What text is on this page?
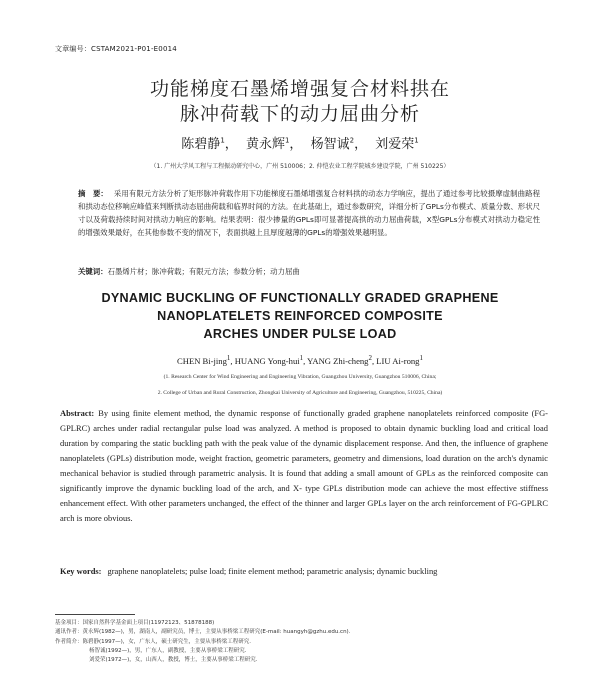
文章编号：CSTAM2021-P01-E0014
功能梯度石墨烯增强复合材料拱在
脉冲荷载下的动力屈曲分析
陈碧静$^1$， 黄永辉$^1$， 杨智诚$^2$， 刘爱荣$^1$
（1. 广州大学风工程与工程振动研究中心，广州 510006；2. 仲恺农业工程学院城乡建设学院，广州 510225）
摘　要： 采用有限元方法分析了矩形脉冲荷载作用下功能梯度石墨烯增强复合材料拱的动态力学响应，提出了通过参考比较摄摩虚制曲路程和拱动态位移响应峰值来判断拱动态屈曲荷载和临界时间的方法。在此基础上，通过参数研究，详细分析了GPLs分布模式、质量分数、形状尺寸以及荷载持续时间对拱动力响应的影响。结果表明：很少掺量的GPLs即可显著提高拱的动力屈曲荷载，X型GPLs分布模式对拱动力稳定性的增强效果最好，在其他参数不变的情况下，表面拱越上且厚度越薄的GPLs的增强效果越明显。
关键词：石墨烯片材；脉冲荷载；有限元方法；参数分析；动力屈曲
DYNAMIC BUCKLING OF FUNCTIONALLY GRADED GRAPHENE
NANOPLATELETS REINFORCED COMPOSITE
ARCHES UNDER PULSE LOAD
CHEN Bi-jing$^1$, HUANG Yong-hui$^1$, YANG Zhi-cheng$^2$, LIU Ai-rong$^1$
(1. Research Center for Wind Engineering and Engineering Vibration, Guangzhou University, Guangzhou 510006, China;
2. College of Urban and Rural Construction, Zhongkai University of Agriculture and Engineering, Guangzhou, 510225, China)
Abstract: By using finite element method, the dynamic response of functionally graded graphene nanoplatelets reinforced composite (FG-GPLRC) arches under radial rectangular pulse load was analyzed. A method is proposed to obtain dynamic buckling load and critical load duration by comparing the static buckling path with the peak value of the dynamic displacement response. And then, the influence of graphene nanoplatelets (GPLs) distribution mode, weight fraction, geometric parameters, geometry and dimensions, load duration on the arch's dynamic mechanical behavior is studied through parametric analysis. It is found that adding a small amount of GPLs as the reinforced composite can significantly improve the dynamic buckling load of the arch, and X- type GPLs distribution mode can achieve the most effective stiffness enhancement effect. With other parameters unchanged, the effect of the thinner and larger GPLs layer on the arch reinforcement of FG-GPLRC arch is more obvious.
Key words: graphene nanoplatelets; pulse load; finite element method; parametric analysis; dynamic buckling
基金项目：国家自然科学基金面上项目(11972123、51878188)
通讯作者：黄永辉(1982—)，男，湖南人，副研究员，博士，主要从事桥梁工程研究(E-mail: huangyh@gzhu.edu.cn).
作者简介：陈碧静(1997—)，女，广东人，硕士研究生，主要从事桥梁工程研究.
杨智诚(1992—)，男，广东人，副教授，主要从事桥梁工程研究.
刘爱荣(1972—)，女，山西人，教授，博士，主要从事桥梁工程研究.
